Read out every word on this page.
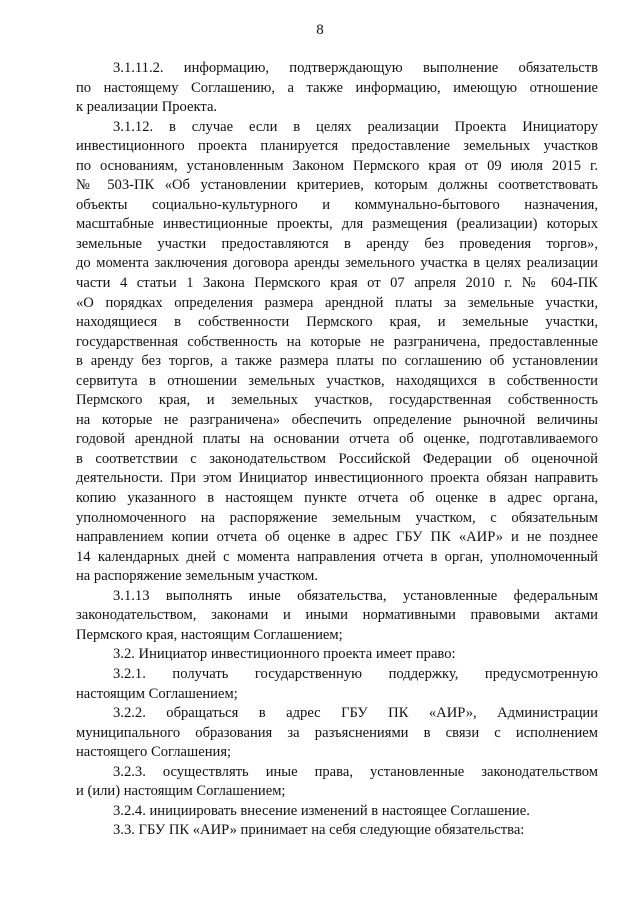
8

3.1.11.2. информацию, подтверждающую выполнение обязательств
по настоящему Соглашению, а также информацию, имеющую отношение
к реализации Проекта.

3.1.12. в случае если в целях реализации Проекта Инициатору
инвестиционного проекта планируется предоставление земельных участков
по основаниям, установленным Законом Пермского края от 09 июля 2015 г.
№ 503-ПК «Об установлении критериев, которым должны соответствовать
объекты социально-культурного и коммунально-бытового назначения,
масштабные инвестиционные проекты, для размещения (реализации) которых
земельные участки предоставляются в аренду без проведения торгов»,
до момента заключения договора аренды земельного участка в целях реализации
части 4 статьи 1 Закона Пермского края от 07 апреля 2010 г. № 604-ПК
«О порядках определения размера арендной платы за земельные участки,
находящиеся в собственности Пермского края, и земельные участки,
государственная собственность на которые не разграничена, предоставленные
в аренду без торгов, а также размера платы по соглашению об установлении
сервитута в отношении земельных участков, находящихся в собственности
Пермского края, и земельных участков, государственная собственность
на которые не разграничена» обеспечить определение рыночной величины
годовой арендной платы на основании отчета об оценке, подготавливаемого
в соответствии с законодательством Российской Федерации об оценочной
деятельности. При этом Инициатор инвестиционного проекта обязан направить
копию указанного в настоящем пункте отчета об оценке в адрес органа,
уполномоченного на распоряжение земельным участком, с обязательным
направлением копии отчета об оценке в адрес ГБУ ПК «АИР» и не позднее
14 календарных дней с момента направления отчета в орган, уполномоченный
на распоряжение земельным участком.

3.1.13 выполнять иные обязательства, установленные федеральным
законодательством, законами и иными нормативными правовыми актами
Пермского края, настоящим Соглашением;

3.2. Инициатор инвестиционного проекта имеет право:

3.2.1. получать государственную поддержку, предусмотренную
настоящим Соглашением;

3.2.2. обращаться в адрес ГБУ ПК «АИР», Администрации
муниципального образования за разъяснениями в связи с исполнением
настоящего Соглашения;

3.2.3. осуществлять иные права, установленные законодательством
и (или) настоящим Соглашением;

3.2.4. инициировать внесение изменений в настоящее Соглашение.

3.3. ГБУ ПК «АИР» принимает на себя следующие обязательства:
